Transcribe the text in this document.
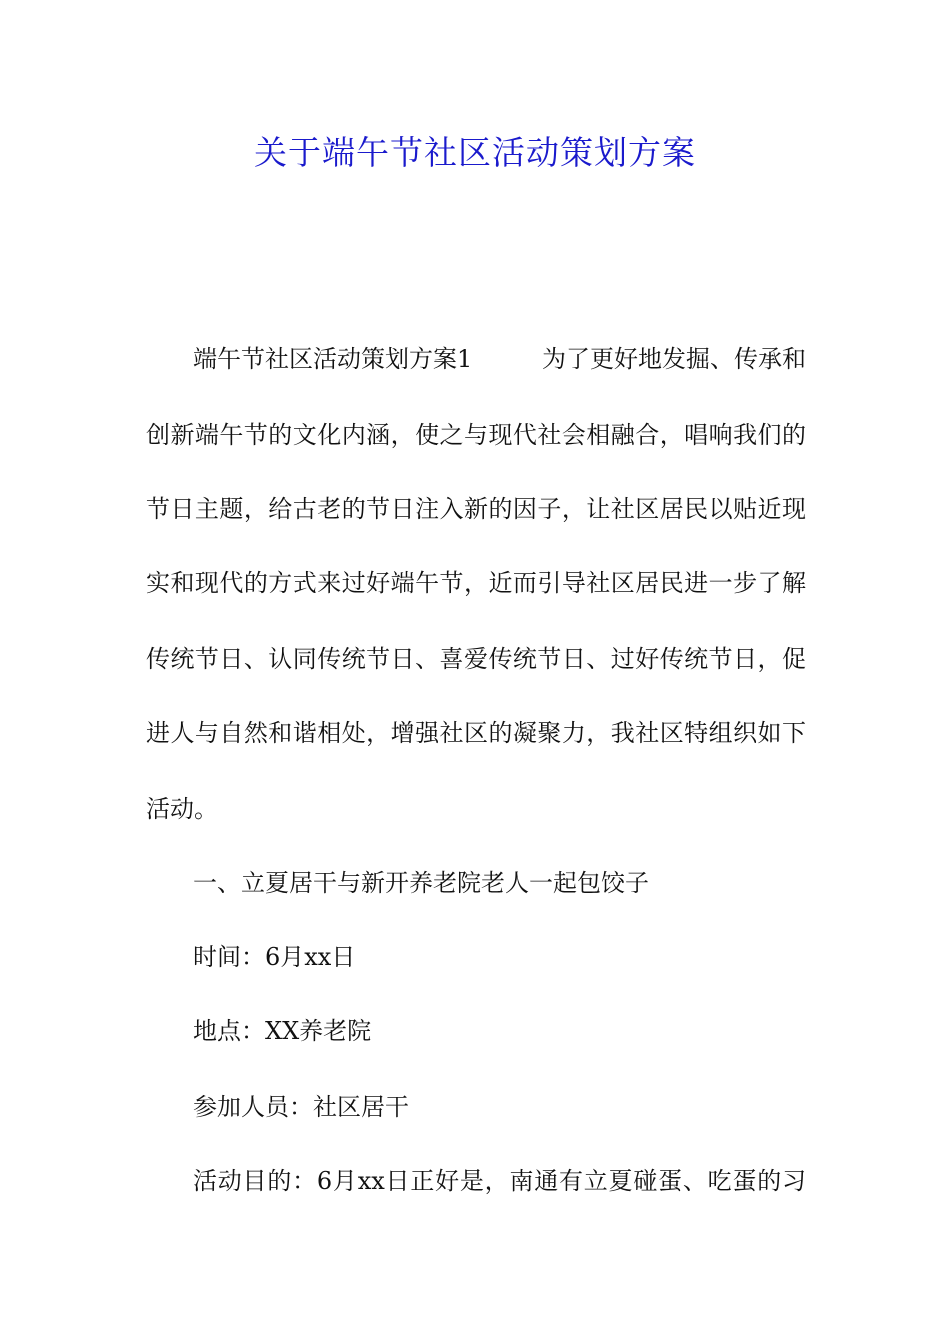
关于端午节社区活动策划方案
端午节社区活动策划方案1	为了更好地发掘、传承和
创新端午节的文化内涵，使之与现代社会相融合，唱响我们的
节日主题，给古老的节日注入新的因子，让社区居民以贴近现
实和现代的方式来过好端午节，近而引导社区居民进一步了解
传统节日、认同传统节日、喜爱传统节日、过好传统节日，促
进人与自然和谐相处，增强社区的凝聚力，我社区特组织如下
活动。
一、立夏居干与新开养老院老人一起包饺子
时间：6月xx日
地点：XX养老院
参加人员：社区居干
活动目的：6月xx日正好是，南通有立夏碰蛋、吃蛋的习
